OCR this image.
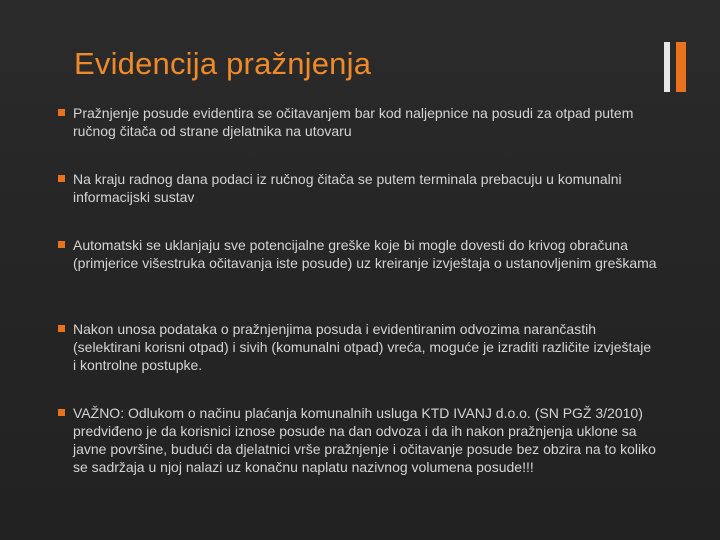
Evidencija pražnjenja
Pražnjenje posude evidentira se očitavanjem bar kod naljepnice na posudi za otpad putem ručnog čitača od strane djelatnika na utovaru
Na kraju radnog dana podaci iz ručnog čitača se putem terminala prebacuju u komunalni informacijski sustav
Automatski se uklanjaju sve potencijalne greške koje bi mogle dovesti do krivog obračuna (primjerice višestruka očitavanja iste posude) uz kreiranje izvještaja o ustanovljenim greškama
Nakon unosa podataka o pražnjenjima posuda i evidentiranim odvozima narančastih (selektirani korisni otpad) i sivih (komunalni otpad) vreća, moguće je izraditi različite izvještaje i kontrolne postupke.
VAŽNO: Odlukom o načinu plaćanja komunalnih usluga KTD IVANJ d.o.o. (SN PGŽ 3/2010) predviđeno je da korisnici iznose posude na dan odvoza i da ih nakon pražnjenja uklone sa javne površine, budući da djelatnici vrše pražnjenje i očitavanje posude bez obzira na to koliko se sadržaja u njoj nalazi uz konačnu naplatu nazivnog volumena posude!!!
